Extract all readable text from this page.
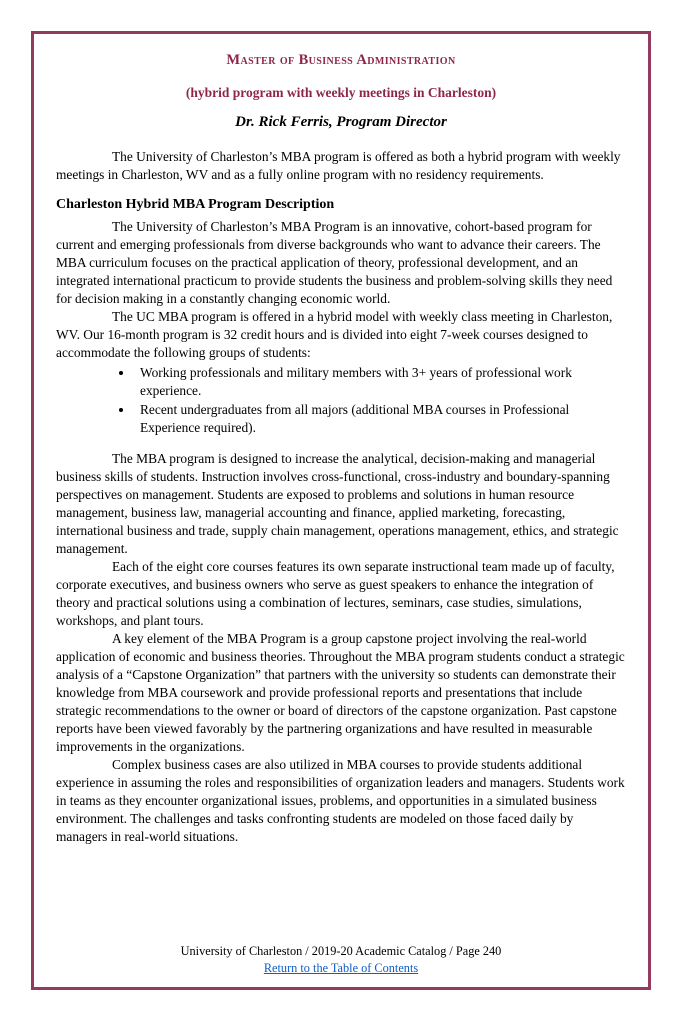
Master of Business Administration

(hybrid program with weekly meetings in Charleston)

Dr. Rick Ferris, Program Director

The University of Charleston’s MBA program is offered as both a hybrid program with weekly meetings in Charleston, WV and as a fully online program with no residency requirements.

Charleston Hybrid MBA Program Description

The University of Charleston’s MBA Program is an innovative, cohort-based program for current and emerging professionals from diverse backgrounds who want to advance their careers. The MBA curriculum focuses on the practical application of theory, professional development, and an integrated international practicum to provide students the business and problem-solving skills they need for decision making in a constantly changing economic world.

The UC MBA program is offered in a hybrid model with weekly class meeting in Charleston, WV. Our 16-month program is 32 credit hours and is divided into eight 7-week courses designed to accommodate the following groups of students:

• Working professionals and military members with 3+ years of professional work experience.
• Recent undergraduates from all majors (additional MBA courses in Professional Experience required).

The MBA program is designed to increase the analytical, decision-making and managerial business skills of students. Instruction involves cross-functional, cross-industry and boundary-spanning perspectives on management. Students are exposed to problems and solutions in human resource management, business law, managerial accounting and finance, applied marketing, forecasting, international business and trade, supply chain management, operations management, ethics, and strategic management.

Each of the eight core courses features its own separate instructional team made up of faculty, corporate executives, and business owners who serve as guest speakers to enhance the integration of theory and practical solutions using a combination of lectures, seminars, case studies, simulations, workshops, and plant tours.

A key element of the MBA Program is a group capstone project involving the real-world application of economic and business theories. Throughout the MBA program students conduct a strategic analysis of a “Capstone Organization” that partners with the university so students can demonstrate their knowledge from MBA coursework and provide professional reports and presentations that include strategic recommendations to the owner or board of directors of the capstone organization. Past capstone reports have been viewed favorably by the partnering organizations and have resulted in measurable improvements in the organizations.

Complex business cases are also utilized in MBA courses to provide students additional experience in assuming the roles and responsibilities of organization leaders and managers. Students work in teams as they encounter organizational issues, problems, and opportunities in a simulated business environment. The challenges and tasks confronting students are modeled on those faced daily by managers in real-world situations.

University of Charleston / 2019-20 Academic Catalog / Page 240

Return to the Table of Contents
